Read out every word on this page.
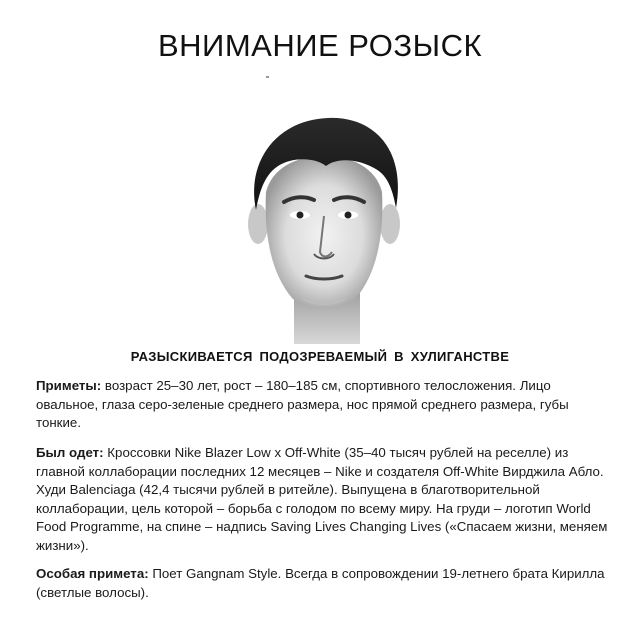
ВНИМАНИЕ РОЗЫСК
РАЗЫСКИВАЕТСЯ ПОДОЗРЕВАЕМЫЙ В ХУЛИГАНСТВЕ

Приметы: возраст 25–30 лет, рост – 180–185 см, спортивного телосложения. Лицо овальное, глаза серо-зеленые среднего размера, нос прямой среднего размера, губы тонкие.

Был одет: Кроссовки Nike Blazer Low x Off-White (35–40 тысяч рублей на реселле) из главной коллаборации последних 12 месяцев – Nike и создателя Off-White Вирджила Абло. Худи Balenciaga (42,4 тысячи рублей в ритейле). Выпущена в благотворительной коллаборации, цель которой – борьба с голодом по всему миру. На груди – логотип World Food Programme, на спине – надпись Saving Lives Changing Lives («Спасаем жизни, меняем жизни»).

Особая примета: Поет Gangnam Style. Всегда в сопровождении 19-летнего брата Кирилла (светлые волосы).
